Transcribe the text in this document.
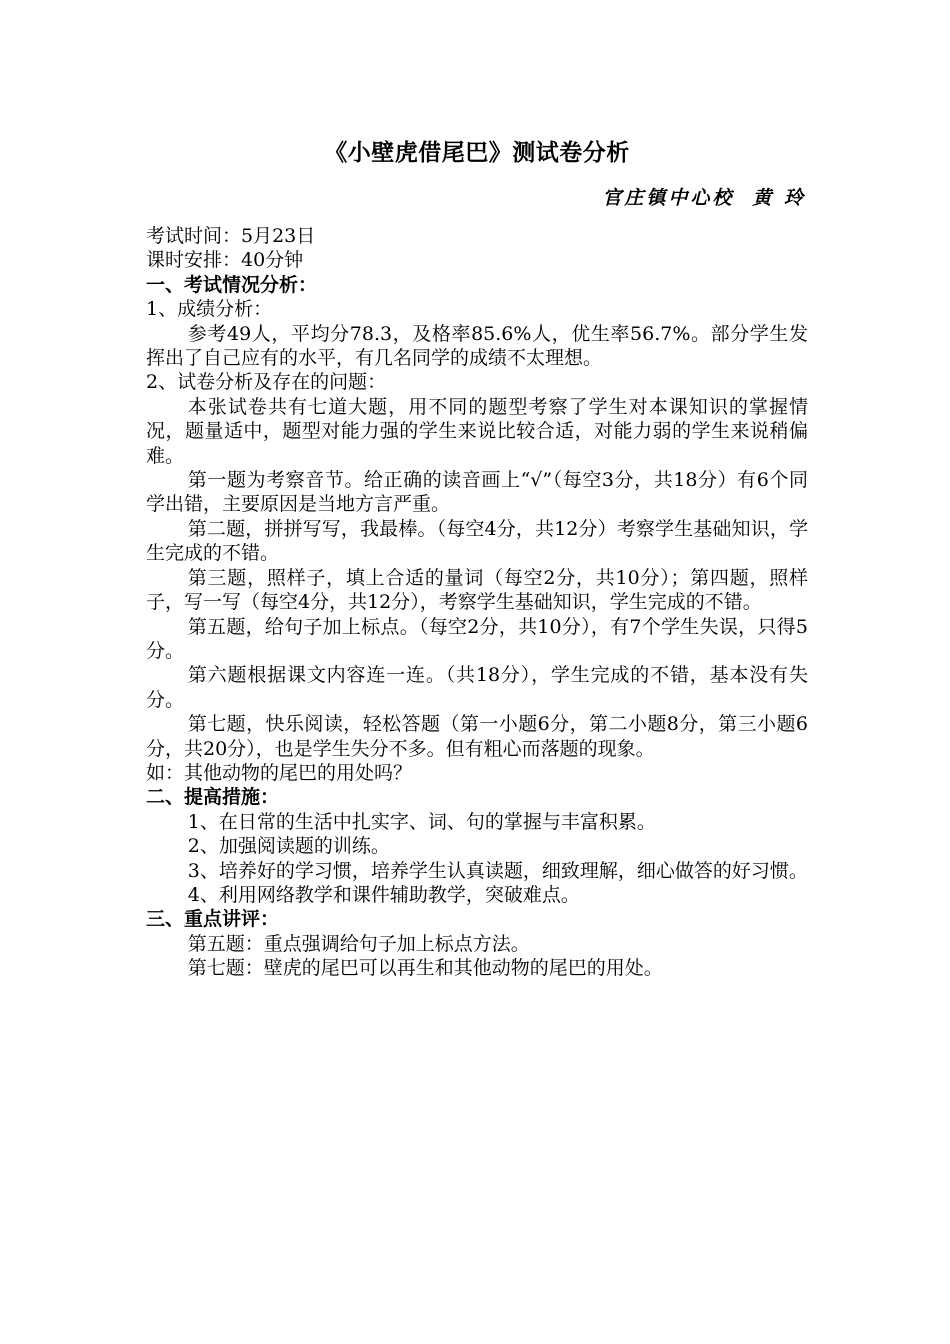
《小壁虎借尾巴》测试卷分析
官庄镇中心校 黄 玲

考试时间：5月23日

课时安排：40分钟

一、考试情况分析：

1、成绩分析：

参考49人，平均分78.3，及格率85.6%人，优生率56.7%。部分学生发挥出了自己应有的水平，有几名同学的成绩不太理想。

2、试卷分析及存在的问题：

本张试卷共有七道大题，用不同的题型考察了学生对本课知识的掌握情况，题量适中，题型对能力强的学生来说比较合适，对能力弱的学生来说稍偏难。

第一题为考察音节。给正确的读音画上“√”（每空3分，共18分）有6个同学出错，主要原因是当地方言严重。

第二题，拼拼写写，我最棒。（每空4分，共12分）考察学生基础知识，学生完成的不错。

第三题，照样子，填上合适的量词（每空2分，共10分）；第四题，照样子，写一写（每空4分，共12分），考察学生基础知识，学生完成的不错。

第五题，给句子加上标点。（每空2分，共10分），有7个学生失误，只得5分。

第六题根据课文内容连一连。（共18分），学生完成的不错，基本没有失分。

第七题，快乐阅读，轻松答题（第一小题6分，第二小题8分，第三小题6分，共20分），也是学生失分不多。但有粗心而落题的现象。

如：其他动物的尾巴的用处吗？

二、提高措施：

1、在日常的生活中扎实字、词、句的掌握与丰富积累。

2、加强阅读题的训练。

3、培养好的学习惯，培养学生认真读题，细致理解，细心做答的好习惯。

4、利用网络教学和课件辅助教学，突破难点。

三、重点讲评：

第五题：重点强调给句子加上标点方法。

第七题：壁虎的尾巴可以再生和其他动物的尾巴的用处。
